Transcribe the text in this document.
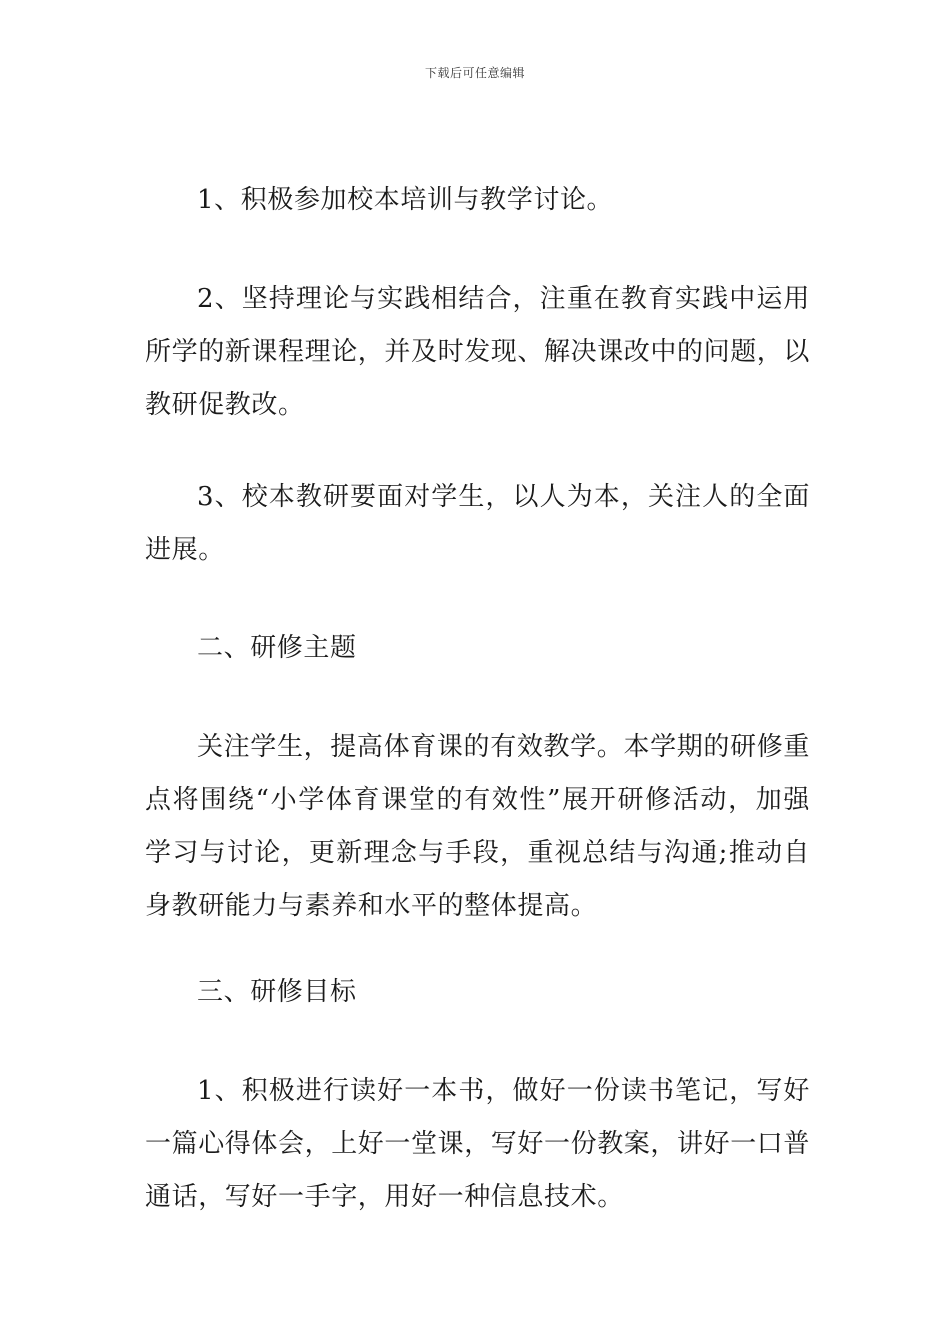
下载后可任意编辑

1、积极参加校本培训与教学讨论。

2、坚持理论与实践相结合，注重在教育实践中运用所学的新课程理论，并及时发现、解决课改中的问题，以教研促教改。

3、校本教研要面对学生，以人为本，关注人的全面进展。

二、研修主题

关注学生，提高体育课的有效教学。本学期的研修重点将围绕“小学体育课堂的有效性”展开研修活动，加强学习与讨论，更新理念与手段，重视总结与沟通;推动自身教研能力与素养和水平的整体提高。

三、研修目标

1、积极进行读好一本书，做好一份读书笔记，写好一篇心得体会，上好一堂课，写好一份教案，讲好一口普通话，写好一手字，用好一种信息技术。
